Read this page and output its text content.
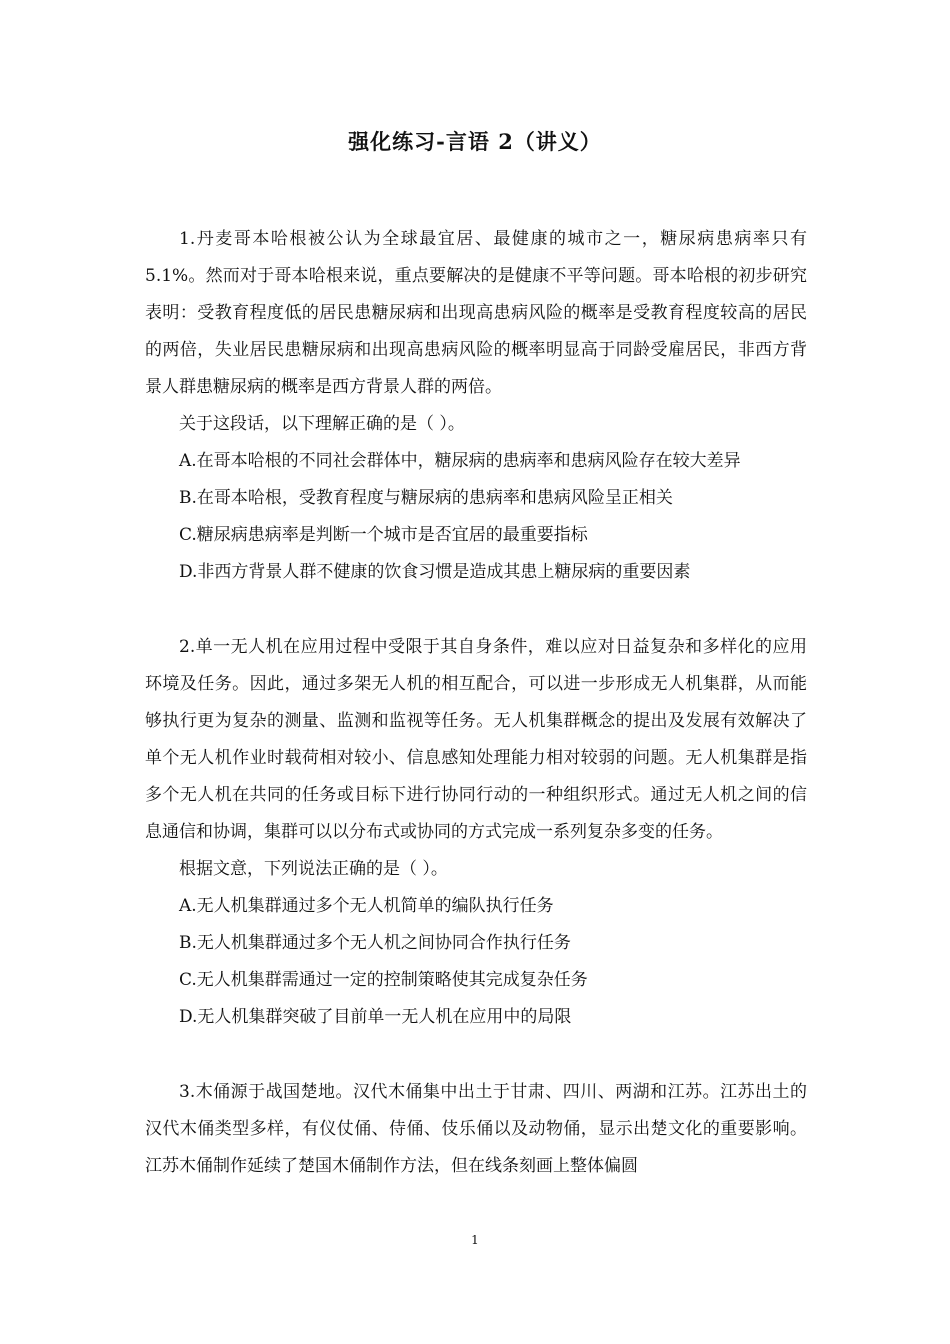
强化练习-言语 2（讲义）

1.丹麦哥本哈根被公认为全球最宜居、最健康的城市之一，糖尿病患病率只有 5.1%。然而对于哥本哈根来说，重点要解决的是健康不平等问题。哥本哈根的初步研究表明：受教育程度低的居民患糖尿病和出现高患病风险的概率是受教育程度较高的居民的两倍，失业居民患糖尿病和出现高患病风险的概率明显高于同龄受雇居民，非西方背景人群患糖尿病的概率是西方背景人群的两倍。

关于这段话，以下理解正确的是（ ）。

A.在哥本哈根的不同社会群体中，糖尿病的患病率和患病风险存在较大差异

B.在哥本哈根，受教育程度与糖尿病的患病率和患病风险呈正相关

C.糖尿病患病率是判断一个城市是否宜居的最重要指标

D.非西方背景人群不健康的饮食习惯是造成其患上糖尿病的重要因素

2.单一无人机在应用过程中受限于其自身条件，难以应对日益复杂和多样化的应用环境及任务。因此，通过多架无人机的相互配合，可以进一步形成无人机集群，从而能够执行更为复杂的测量、监测和监视等任务。无人机集群概念的提出及发展有效解决了单个无人机作业时载荷相对较小、信息感知处理能力相对较弱的问题。无人机集群是指多个无人机在共同的任务或目标下进行协同行动的一种组织形式。通过无人机之间的信息通信和协调，集群可以以分布式或协同的方式完成一系列复杂多变的任务。

根据文意，下列说法正确的是（ ）。

A.无人机集群通过多个无人机简单的编队执行任务

B.无人机集群通过多个无人机之间协同合作执行任务

C.无人机集群需通过一定的控制策略使其完成复杂任务

D.无人机集群突破了目前单一无人机在应用中的局限

3.木俑源于战国楚地。汉代木俑集中出土于甘肃、四川、两湖和江苏。江苏出土的汉代木俑类型多样，有仪仗俑、侍俑、伎乐俑以及动物俑，显示出楚文化的重要影响。江苏木俑制作延续了楚国木俑制作方法，但在线条刻画上整体偏圆

1
